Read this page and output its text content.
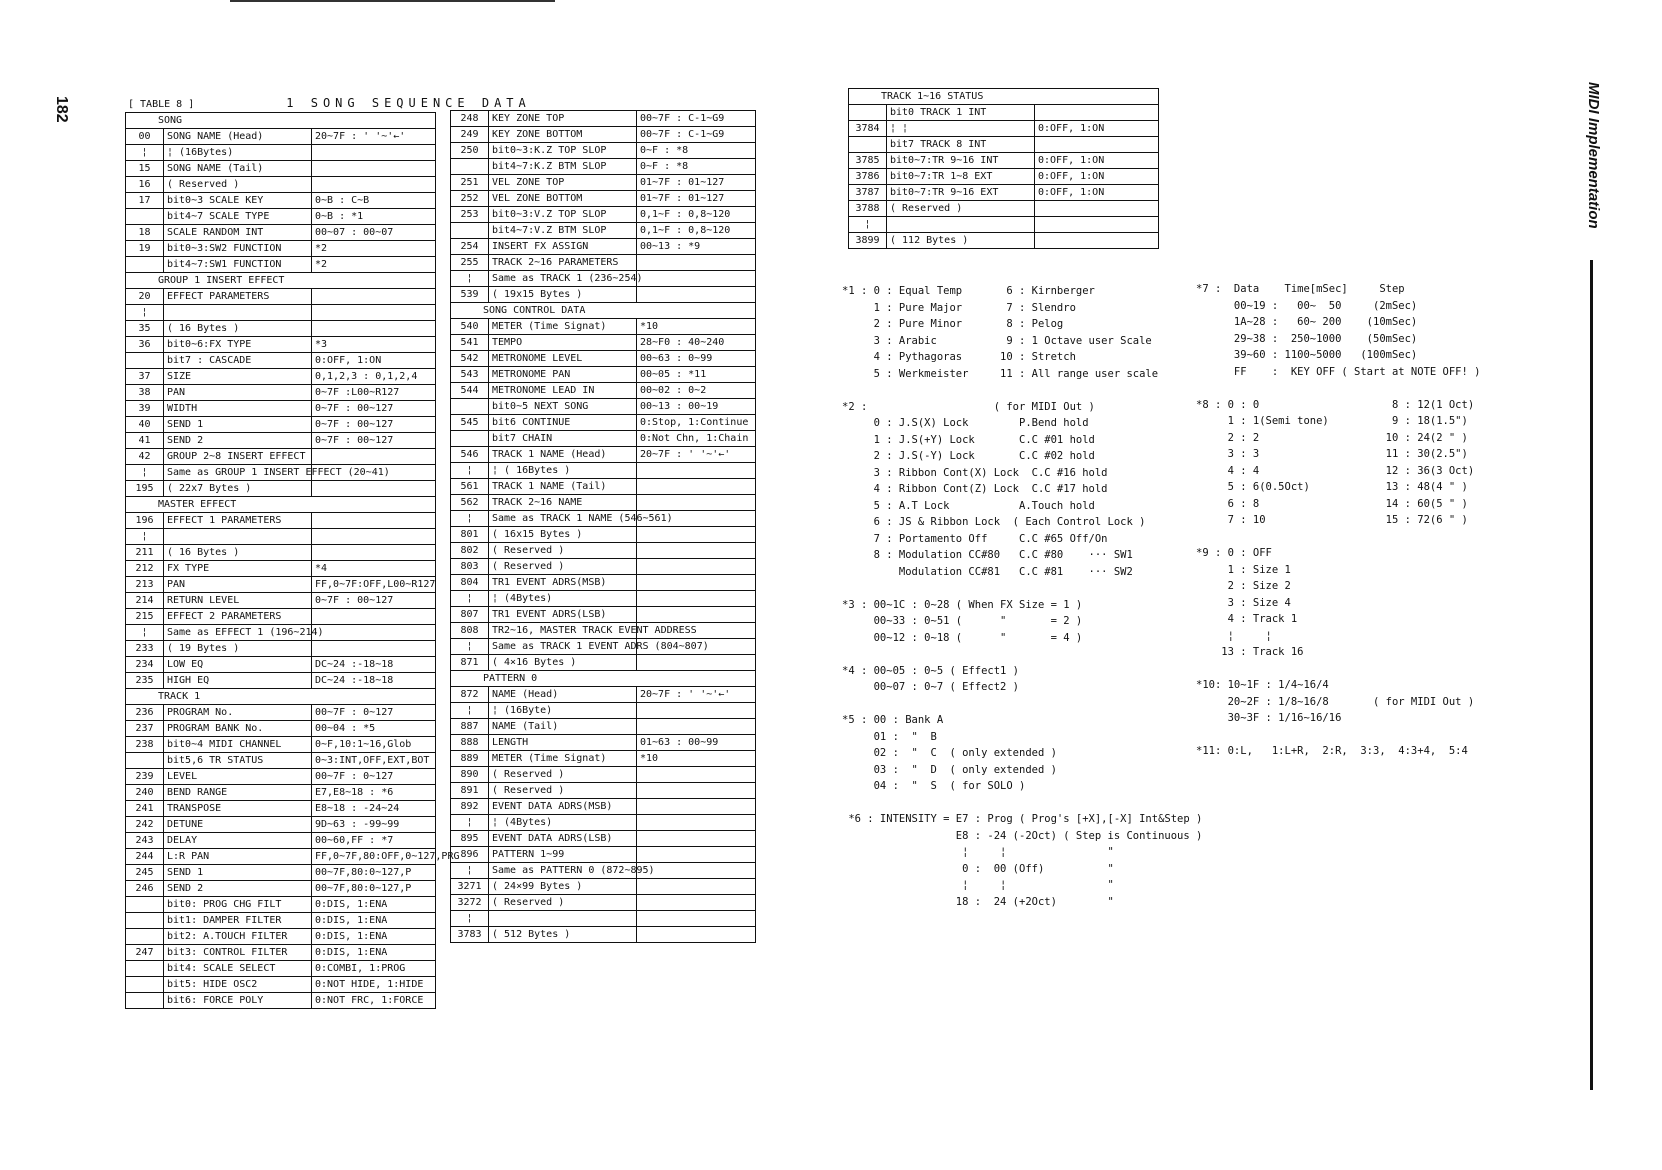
182	MIDI Implementation
[ TABLE 8 ]	1 SONG SEQUENCE DATA
SONG		
00	SONG NAME (Head)	20~7F : ' '~'←'
¦	¦ (16Bytes)	
15	SONG NAME (Tail)	
16	( Reserved )	
17	bit0~3 SCALE KEY	0~B : C~B
	bit4~7 SCALE TYPE	0~B : *1
18	SCALE RANDOM INT	00~07 : 00~07
19	bit0~3:SW2 FUNCTION	*2
	bit4~7:SW1 FUNCTION	*2
GROUP 1 INSERT EFFECT		
20	EFFECT PARAMETERS	
¦		
35	( 16 Bytes )	
36	bit0~6:FX TYPE	*3
	bit7 : CASCADE	0:OFF, 1:ON
37	SIZE	0,1,2,3 : 0,1,2,4
38	PAN	0~7F :L00~R127
39	WIDTH	0~7F : 00~127
40	SEND 1	0~7F : 00~127
41	SEND 2	0~7F : 00~127
42	GROUP 2~8 INSERT EFFECT	
¦	Same as GROUP 1 INSERT EFFECT (20~41)	
195	( 22x7 Bytes )	
MASTER EFFECT		
196	EFFECT 1 PARAMETERS	
¦		
211	( 16 Bytes )	
212	FX TYPE	*4
213	PAN	FF,0~7F:OFF,L00~R127
214	RETURN LEVEL	0~7F : 00~127
215	EFFECT 2 PARAMETERS	
¦	Same as EFFECT 1 (196~214)	
233	( 19 Bytes )	
234	LOW EQ	DC~24 :-18~18
235	HIGH EQ	DC~24 :-18~18
TRACK 1		
236	PROGRAM No.	00~7F : 0~127
237	PROGRAM BANK No.	00~04 : *5
238	bit0~4 MIDI CHANNEL	0~F,10:1~16,Glob
	bit5,6 TR STATUS	0~3:INT,OFF,EXT,BOT
239	LEVEL	00~7F : 0~127
240	BEND RANGE	E7,E8~18 : *6
241	TRANSPOSE	E8~18 : -24~24
242	DETUNE	9D~63 : -99~99
243	DELAY	00~60,FF : *7
244	L:R PAN	FF,0~7F,80:OFF,0~127,PRG
245	SEND 1	00~7F,80:0~127,P
246	SEND 2	00~7F,80:0~127,P
	bit0: PROG CHG FILT	0:DIS, 1:ENA
	bit1: DAMPER FILTER	0:DIS, 1:ENA
	bit2: A.TOUCH FILTER	0:DIS, 1:ENA
247	bit3: CONTROL FILTER	0:DIS, 1:ENA
	bit4: SCALE SELECT	0:COMBI, 1:PROG
	bit5: HIDE OSC2	0:NOT HIDE, 1:HIDE
	bit6: FORCE POLY	0:NOT FRC, 1:FORCE
248	KEY ZONE TOP	00~7F : C-1~G9
249	KEY ZONE BOTTOM	00~7F : C-1~G9
250	bit0~3:K.Z TOP SLOP	0~F : *8
	bit4~7:K.Z BTM SLOP	0~F : *8
251	VEL ZONE TOP	01~7F : 01~127
252	VEL ZONE BOTTOM	01~7F : 01~127
253	bit0~3:V.Z TOP SLOP	0,1~F : 0,8~120
	bit4~7:V.Z BTM SLOP	0,1~F : 0,8~120
254	INSERT FX ASSIGN	00~13 : *9
255	TRACK 2~16 PARAMETERS	
¦	Same as TRACK 1 (236~254)	
539	( 19x15 Bytes )	
SONG CONTROL DATA		
540	METER (Time Signat)	*10
541	TEMPO	28~F0 : 40~240
542	METRONOME LEVEL	00~63 : 0~99
543	METRONOME PAN	00~05 : *11
544	METRONOME LEAD IN	00~02 : 0~2
	bit0~5 NEXT SONG	00~13 : 00~19
545	bit6 CONTINUE	0:Stop, 1:Continue
	bit7 CHAIN	0:Not Chn, 1:Chain
546	TRACK 1 NAME (Head)	20~7F : ' '~'←'
¦	¦ ( 16Bytes )	
561	TRACK 1 NAME (Tail)	
562	TRACK 2~16 NAME	
¦	Same as TRACK 1 NAME (546~561)	
801	( 16x15 Bytes )	
802	( Reserved )	
803	( Reserved )	
804	TR1 EVENT ADRS(MSB)	
¦	¦ (4Bytes)	
807	TR1 EVENT ADRS(LSB)	
808	TR2~16, MASTER TRACK EVENT ADDRESS	
¦	Same as TRACK 1 EVENT ADRS (804~807)	
871	( 4×16 Bytes )	
PATTERN 0		
872	NAME (Head)	20~7F : ' '~'←'
¦	¦ (16Byte)	
887	NAME (Tail)	
888	LENGTH	01~63 : 00~99
889	METER (Time Signat)	*10
890	( Reserved )	
891	( Reserved )	
892	EVENT DATA ADRS(MSB)	
¦	¦ (4Bytes)	
895	EVENT DATA ADRS(LSB)	
896	PATTERN 1~99	
¦	Same as PATTERN 0 (872~895)	
3271	( 24×99 Bytes )	
3272	( Reserved )	
¦		
3783	( 512 Bytes )	
TRACK 1~16 STATUS		
	bit0 TRACK 1 INT	
3784	¦ ¦	0:OFF, 1:ON
	bit7 TRACK 8 INT	
3785	bit0~7:TR 9~16 INT	0:OFF, 1:ON
3786	bit0~7:TR 1~8 EXT	0:OFF, 1:ON
3787	bit0~7:TR 9~16 EXT	0:OFF, 1:ON
3788	( Reserved )	
¦		
3899	( 112 Bytes )	
*1 : 0 : Equal Temp       6 : Kirnberger
1 : Pure Major       7 : Slendro
2 : Pure Minor       8 : Pelog
3 : Arabic           9 : 1 Octave user Scale
4 : Pythagoras      10 : Stretch
5 : Werkmeister     11 : All range user scale

*2 :                    ( for MIDI Out )
0 : J.S(X) Lock        P.Bend hold
1 : J.S(+Y) Lock       C.C #01 hold
2 : J.S(-Y) Lock       C.C #02 hold
3 : Ribbon Cont(X) Lock  C.C #16 hold
4 : Ribbon Cont(Z) Lock  C.C #17 hold
5 : A.T Lock           A.Touch hold
6 : JS & Ribbon Lock  ( Each Control Lock )
7 : Portamento Off     C.C #65 Off/On
8 : Modulation CC#80   C.C #80    ··· SW1
Modulation CC#81   C.C #81    ··· SW2

*3 : 00~1C : 0~28 ( When FX Size = 1 )
00~33 : 0~51 (      "       = 2 )
00~12 : 0~18 (      "       = 4 )

*4 : 00~05 : 0~5 ( Effect1 )
00~07 : 0~7 ( Effect2 )

*5 : 00 : Bank A
01 :  "  B
02 :  "  C  ( only extended )
03 :  "  D  ( only extended )
04 :  "  S  ( for SOLO )

*6 : INTENSITY = E7 : Prog ( Prog's [+X],[-X] Int&Step )
E8 : -24 (-2Oct) ( Step is Continuous )
¦     ¦                "
0 :  00 (Off)          "
¦     ¦                "
18 :  24 (+2Oct)        "
*7 :  Data    Time[mSec]     Step
00~19 :   00~  50     (2mSec)
1A~28 :   60~ 200    (10mSec)
29~38 :  250~1000    (50mSec)
39~60 : 1100~5000   (100mSec)
FF    :  KEY OFF ( Start at NOTE OFF! )

*8 : 0 : 0                     8 : 12(1 Oct)
1 : 1(Semi tone)          9 : 18(1.5")
2 : 2                    10 : 24(2 " )
3 : 3                    11 : 30(2.5")
4 : 4                    12 : 36(3 Oct)
5 : 6(0.5Oct)            13 : 48(4 " )
6 : 8                    14 : 60(5 " )
7 : 10                   15 : 72(6 " )

*9 : 0 : OFF
1 : Size 1
2 : Size 2
3 : Size 4
4 : Track 1
¦     ¦
13 : Track 16

*10: 10~1F : 1/4~16/4
20~2F : 1/8~16/8       ( for MIDI Out )
30~3F : 1/16~16/16

*11: 0:L,   1:L+R,  2:R,  3:3,  4:3+4,  5:4
